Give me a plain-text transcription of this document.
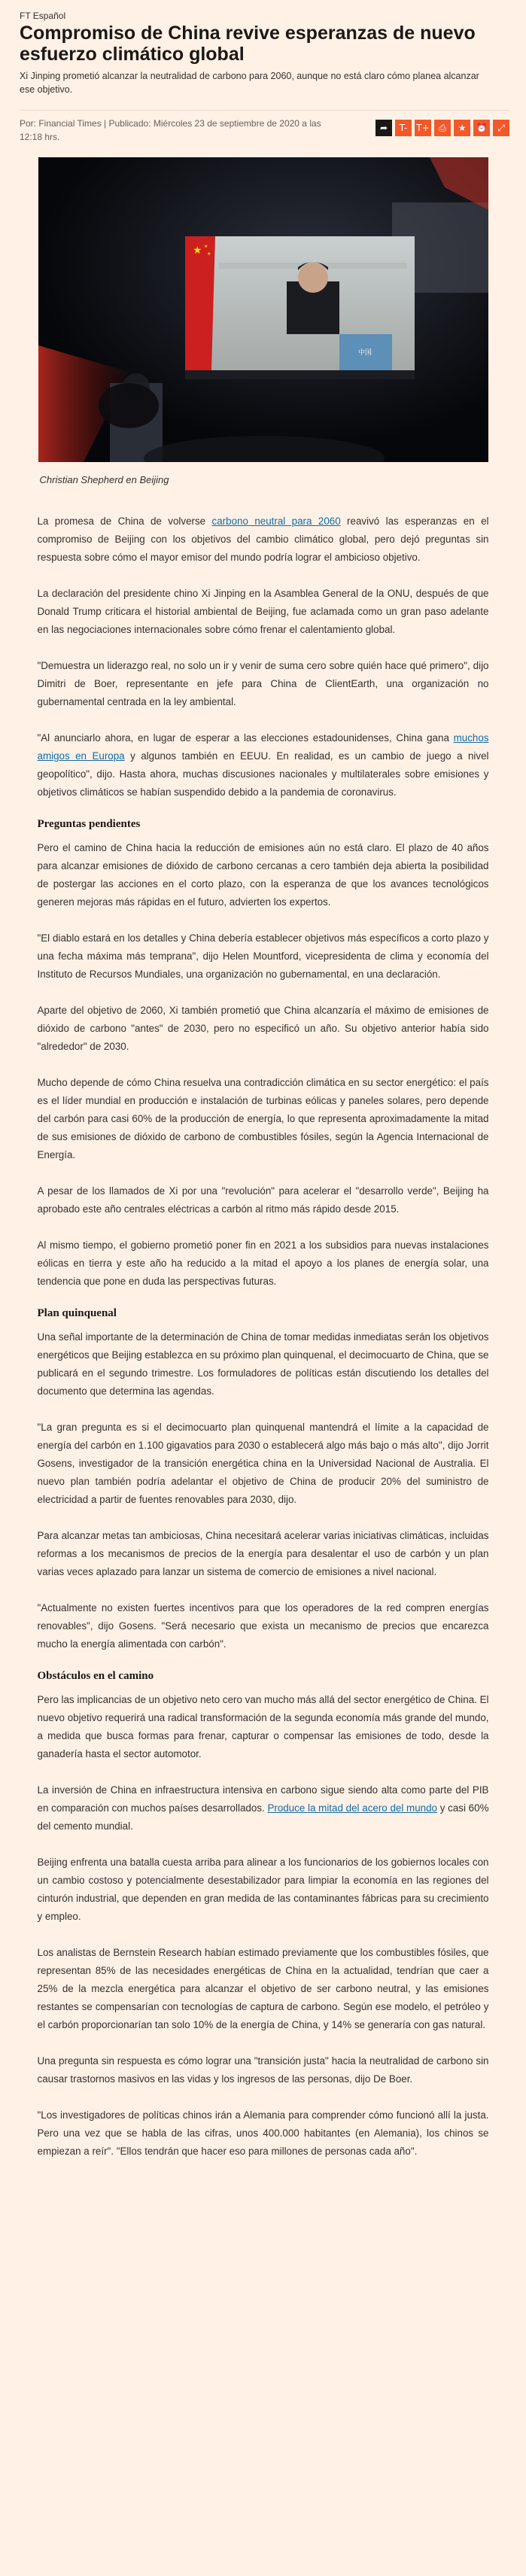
FT Español
Compromiso de China revive esperanzas de nuevo esfuerzo climático global
Xi Jinping prometió alcanzar la neutralidad de carbono para 2060, aunque no está claro cómo planea alcanzar ese objetivo.
Por: Financial Times | Publicado: Miércoles 23 de septiembre de 2020 a las 12:18 hrs.
➦	T-	T+	⎙	★	⏰	⤢
★ ★
★
中国
Christian Shepherd en Beijing

La promesa de China de volverse carbono neutral para 2060 reavivó las esperanzas en el compromiso de Beijing con los objetivos del cambio climático global, pero dejó preguntas sin respuesta sobre cómo el mayor emisor del mundo podría lograr el ambicioso objetivo.

La declaración del presidente chino Xi Jinping en la Asamblea General de la ONU, después de que Donald Trump criticara el historial ambiental de Beijing, fue aclamada como un gran paso adelante en las negociaciones internacionales sobre cómo frenar el calentamiento global.

"Demuestra un liderazgo real, no solo un ir y venir de suma cero sobre quién hace qué primero", dijo Dimitri de Boer, representante en jefe para China de ClientEarth, una organización no gubernamental centrada en la ley ambiental.

"Al anunciarlo ahora, en lugar de esperar a las elecciones estadounidenses, China gana muchos amigos en Europa y algunos también en EEUU. En realidad, es un cambio de juego a nivel geopolítico", dijo. Hasta ahora, muchas discusiones nacionales y multilaterales sobre emisiones y objetivos climáticos se habían suspendido debido a la pandemia de coronavirus.

Preguntas pendientes

Pero el camino de China hacia la reducción de emisiones aún no está claro. El plazo de 40 años para alcanzar emisiones de dióxido de carbono cercanas a cero también deja abierta la posibilidad de postergar las acciones en el corto plazo, con la esperanza de que los avances tecnológicos generen mejoras más rápidas en el futuro, advierten los expertos.

"El diablo estará en los detalles y China debería establecer objetivos más específicos a corto plazo y una fecha máxima más temprana", dijo Helen Mountford, vicepresidenta de clima y economía del Instituto de Recursos Mundiales, una organización no gubernamental, en una declaración.

Aparte del objetivo de 2060, Xi también prometió que China alcanzaría el máximo de emisiones de dióxido de carbono "antes" de 2030, pero no especificó un año. Su objetivo anterior había sido "alrededor" de 2030.

Mucho depende de cómo China resuelva una contradicción climática en su sector energético: el país es el líder mundial en producción e instalación de turbinas eólicas y paneles solares, pero depende del carbón para casi 60% de la producción de energía, lo que representa aproximadamente la mitad de sus emisiones de dióxido de carbono de combustibles fósiles, según la Agencia Internacional de Energía.

A pesar de los llamados de Xi por una "revolución" para acelerar el "desarrollo verde", Beijing ha aprobado este año centrales eléctricas a carbón al ritmo más rápido desde 2015.

Al mismo tiempo, el gobierno prometió poner fin en 2021 a los subsidios para nuevas instalaciones eólicas en tierra y este año ha reducido a la mitad el apoyo a los planes de energía solar, una tendencia que pone en duda las perspectivas futuras.

Plan quinquenal

Una señal importante de la determinación de China de tomar medidas inmediatas serán los objetivos energéticos que Beijing establezca en su próximo plan quinquenal, el decimocuarto de China, que se publicará en el segundo trimestre. Los formuladores de políticas están discutiendo los detalles del documento que determina las agendas.

"La gran pregunta es si el decimocuarto plan quinquenal mantendrá el límite a la capacidad de energía del carbón en 1.100 gigavatios para 2030 o establecerá algo más bajo o más alto", dijo Jorrit Gosens, investigador de la transición energética china en la Universidad Nacional de Australia. El nuevo plan también podría adelantar el objetivo de China de producir 20% del suministro de electricidad a partir de fuentes renovables para 2030, dijo.

Para alcanzar metas tan ambiciosas, China necesitará acelerar varias iniciativas climáticas, incluidas reformas a los mecanismos de precios de la energía para desalentar el uso de carbón y un plan varias veces aplazado para lanzar un sistema de comercio de emisiones a nivel nacional.

"Actualmente no existen fuertes incentivos para que los operadores de la red compren energías renovables", dijo Gosens. "Será necesario que exista un mecanismo de precios que encarezca mucho la energía alimentada con carbón".

Obstáculos en el camino

Pero las implicancias de un objetivo neto cero van mucho más allá del sector energético de China. El nuevo objetivo requerirá una radical transformación de la segunda economía más grande del mundo, a medida que busca formas para frenar, capturar o compensar las emisiones de todo, desde la ganadería hasta el sector automotor.

La inversión de China en infraestructura intensiva en carbono sigue siendo alta como parte del PIB en comparación con muchos países desarrollados. Produce la mitad del acero del mundo y casi 60% del cemento mundial.

Beijing enfrenta una batalla cuesta arriba para alinear a los funcionarios de los gobiernos locales con un cambio costoso y potencialmente desestabilizador para limpiar la economía en las regiones del cinturón industrial, que dependen en gran medida de las contaminantes fábricas para su crecimiento y empleo.

Los analistas de Bernstein Research habían estimado previamente que los combustibles fósiles, que representan 85% de las necesidades energéticas de China en la actualidad, tendrían que caer a 25% de la mezcla energética para alcanzar el objetivo de ser carbono neutral, y las emisiones restantes se compensarían con tecnologías de captura de carbono. Según ese modelo, el petróleo y el carbón proporcionarían tan solo 10% de la energía de China, y 14% se generaría con gas natural.

Una pregunta sin respuesta es cómo lograr una "transición justa" hacia la neutralidad de carbono sin causar trastornos masivos en las vidas y los ingresos de las personas, dijo De Boer.

"Los investigadores de políticas chinos irán a Alemania para comprender cómo funcionó allí la justa. Pero una vez que se habla de las cifras, unos 400.000 habitantes (en Alemania), los chinos se empiezan a reír". "Ellos tendrán que hacer eso para millones de personas cada año".
